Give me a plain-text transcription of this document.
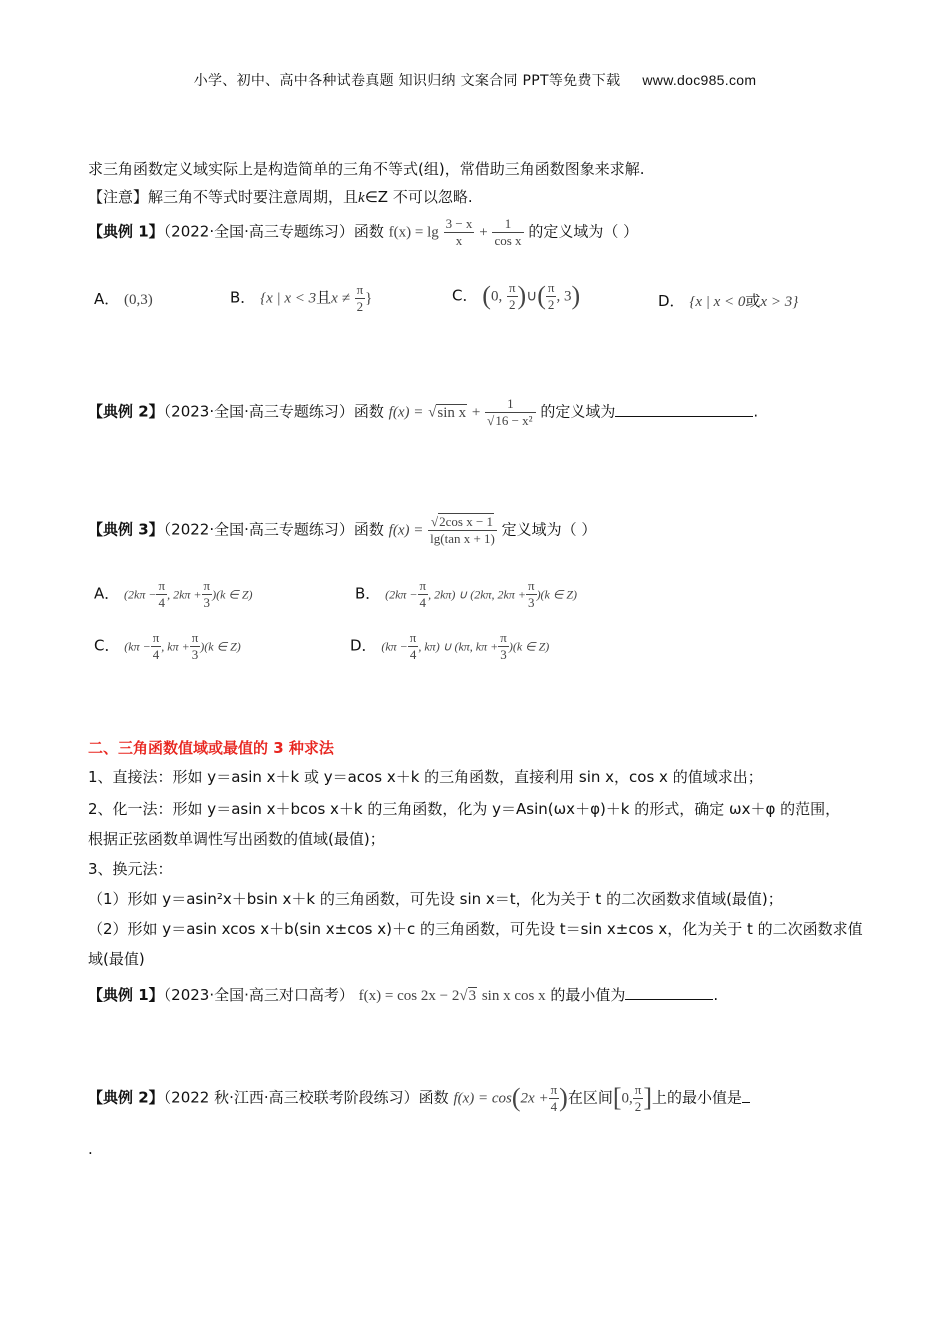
小学、初中、高中各种试卷真题 知识归纳 文案合同 PPT等免费下载 www.doc985.com
求三角函数定义域实际上是构造简单的三角不等式(组)，常借助三角函数图象来求解.
【注意】解三角不等式时要注意周期，且k∈Z 不可以忽略.
【典例 1】（2022·全国·高三专题练习）函数 $f(x) = \lg \frac{3 - x}{x} + \frac{1}{\text{cos x}}$ 的定义域为（ ）
A． (0,3)	B． {x | x < 3且$x \ne \frac{\pi}{2}$ }	C． (0, $\frac{\pi}{2}$ )∪( $\frac{\pi}{2}$ , 3)	D． {x | x < 0或x > 3}
【典例 2】（2023·全国·高三专题练习）函数 f(x) = √sin $x + \frac{1}{\text{√16 − x²}}$ 的定义域为	.
【典例 3】（2022·全国·高三专题练习）函数 $f(x) = \frac{\text{√2cos x − 1}}{\text{lg(tan x + 1)}}$ 定义域为（ ）
A． ($2k\pi - \frac{\pi}{4}$ , $2k\pi + \frac{\pi}{3} )(k$ ∈ Z)	B． ($2k\pi - \frac{\pi}{4}$ , 2kπ) ∪ (2kπ, $2k\pi + \frac{\pi}{3} )(k$ ∈ Z)
C． ($k\pi - \frac{\pi}{4}$ , $k\pi + \frac{\pi}{3} )(k$ ∈ Z)	D． ($k\pi - \frac{\pi}{4}$ , kπ) ∪ (kπ, $k\pi + \frac{\pi}{3} )(k$ ∈ Z)
二、三角函数值域或最值的 3 种求法
1、直接法：形如 y＝asin x＋k 或 y＝acos x＋k 的三角函数，直接利用 sin x，cos x 的值域求出；
2、化一法：形如 y＝asin x＋bcos x＋k 的三角函数，化为 y＝Asin(ωx＋φ)＋k 的形式，确定 ωx＋φ 的范围，
根据正弦函数单调性写出函数的值域(最值)；
3、换元法：
（1）形如 y＝asin²x＋bsin x＋k 的三角函数，可先设 sin x＝t，化为关于 t 的二次函数求值域(最值)；
（2）形如 y＝asin xcos x＋b(sin x±cos x)＋c 的三角函数，可先设 t＝sin x±cos x，化为关于 t 的二次函数求值
域(最值)
【典例 1】（2023·全国·高三对口高考） f(x) = cos 2x − 2√3 sin x cos x 的最小值为	.
【典例 2】（2022 秋·江西·高三校联考阶段练习）函数 $f(x) = \cos(2x + \frac{\pi}{4}$ )在区间[0, $\frac{\pi}{2}$ ]上的最小值是
.
